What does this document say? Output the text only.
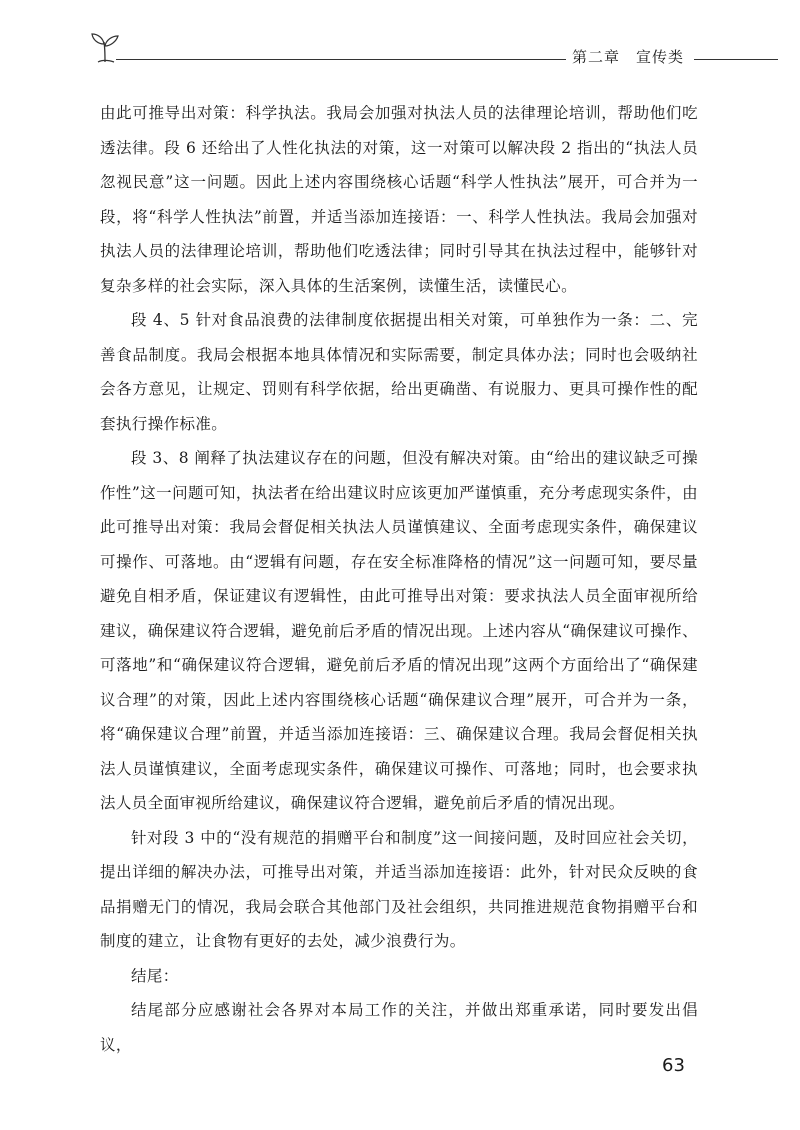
第二章　宣传类

由此可推导出对策：科学执法。我局会加强对执法人员的法律理论培训，帮助他们吃透法律。段 6 还给出了人性化执法的对策，这一对策可以解决段 2 指出的“执法人员忽视民意”这一问题。因此上述内容围绕核心话题“科学人性执法”展开，可合并为一段，将“科学人性执法”前置，并适当添加连接语：一、科学人性执法。我局会加强对执法人员的法律理论培训，帮助他们吃透法律；同时引导其在执法过程中，能够针对复杂多样的社会实际，深入具体的生活案例，读懂生活，读懂民心。

段 4、5 针对食品浪费的法律制度依据提出相关对策，可单独作为一条：二、完善食品制度。我局会根据本地具体情况和实际需要，制定具体办法；同时也会吸纳社会各方意见，让规定、罚则有科学依据，给出更确凿、有说服力、更具可操作性的配套执行操作标准。

段 3、8 阐释了执法建议存在的问题，但没有解决对策。由“给出的建议缺乏可操作性”这一问题可知，执法者在给出建议时应该更加严谨慎重，充分考虑现实条件，由此可推导出对策：我局会督促相关执法人员谨慎建议、全面考虑现实条件，确保建议可操作、可落地。由“逻辑有问题，存在安全标准降格的情况”这一问题可知，要尽量避免自相矛盾，保证建议有逻辑性，由此可推导出对策：要求执法人员全面审视所给建议，确保建议符合逻辑，避免前后矛盾的情况出现。上述内容从“确保建议可操作、可落地”和“确保建议符合逻辑，避免前后矛盾的情况出现”这两个方面给出了“确保建议合理”的对策，因此上述内容围绕核心话题“确保建议合理”展开，可合并为一条，将“确保建议合理”前置，并适当添加连接语：三、确保建议合理。我局会督促相关执法人员谨慎建议，全面考虑现实条件，确保建议可操作、可落地；同时，也会要求执法人员全面审视所给建议，确保建议符合逻辑，避免前后矛盾的情况出现。

针对段 3 中的“没有规范的捐赠平台和制度”这一间接问题，及时回应社会关切，提出详细的解决办法，可推导出对策，并适当添加连接语：此外，针对民众反映的食品捐赠无门的情况，我局会联合其他部门及社会组织，共同推进规范食物捐赠平台和制度的建立，让食物有更好的去处，减少浪费行为。

结尾：

结尾部分应感谢社会各界对本局工作的关注，并做出郑重承诺，同时要发出倡议，

63
